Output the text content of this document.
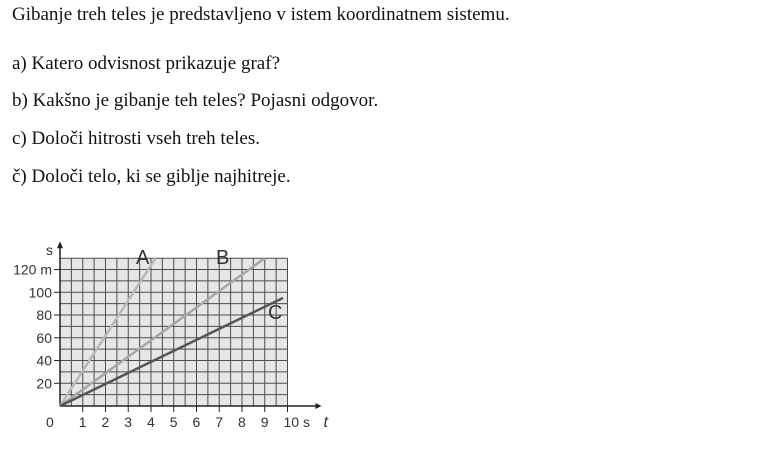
Gibanje treh teles je predstavljeno v istem koordinatnem sistemu.
a) Katero odvisnost prikazuje graf?
b) Kakšno je gibanje teh teles? Pojasni odgovor.
c) Določi hitrosti vseh treh teles.
č) Določi telo, ki se giblje najhitreje.
1 2 3 4 5 6 7 8 9 10 s
20
40
60
80
100
120 m
0
s
t
A	B
C
